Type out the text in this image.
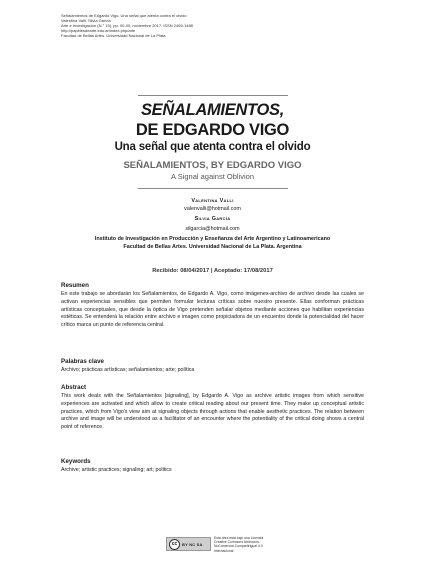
Señalamientos de Edgardo Vigo. Una señal que atenta contra el olvido
Valentina Valli, Silvia García
Arte e Investigación (N.° 15), pp. 00-00, noviembre 2017. ISSN 2469-1488
http://papelesdearte.edu.ar/index.php/arte
Facultad de Bellas Artes. Universidad Nacional de La Plata
SEÑALAMIENTOS,
DE EDGARDO VIGO
Una señal que atenta contra el olvido
SEÑALAMIENTOS, BY EDGARDO VIGO
A Signal against Oblivion
Valentina Valli
valenvalli@hotmail.com
Silvia García
silgarcia@hotmail.com
Instituto de Investigación en Producción y Enseñanza del Arte Argentino y Latinoamericano
Facultad de Bellas Artes. Universidad Nacional de La Plata. Argentina
Recibido: 08/04/2017 | Aceptado: 17/08/2017
Resumen
En este trabajo se abordarán los Señalamientos, de Edgardo A. Vigo, como imágenes-archivo de archivo desde las cuales se activan experiencias sensibles que permiten formular lecturas críticas sobre nuestro presente. Ellas conforman prácticas artísticas conceptuales, que desde la óptica de Vigo pretenden señalar objetos mediante acciones que habilitan experiencias estéticas. Se entenderá la relación entre archivo e imagen como propiciadora de un encuentro donde la potencialidad del hacer crítico marca un punto de referencia central.
Palabras clave
Archivo; prácticas artísticas; señalamientos; arte; política
Abstract
This work deals with the Señalamientos [signaling], by Edgardo A. Vigo as archive artistic images from which sensitive experiences are activated and which allow to create critical reading about our present time. They make up conceptual artistic practices, which from Vigo's view aim at signaling objects through actions that enable aesthetic practices. The relation between archive and image will be understood as a facilitator of an encounter where the potentiality of the critical doing shows a central point of reference.
Keywords
Archive; artistic practices; signaling; art; politics
cc	BY NC SA
Esta obra está bajo una Licencia
Creative Commons Atribución-
NoComercial-CompartirIgual 4.0
Internacional
